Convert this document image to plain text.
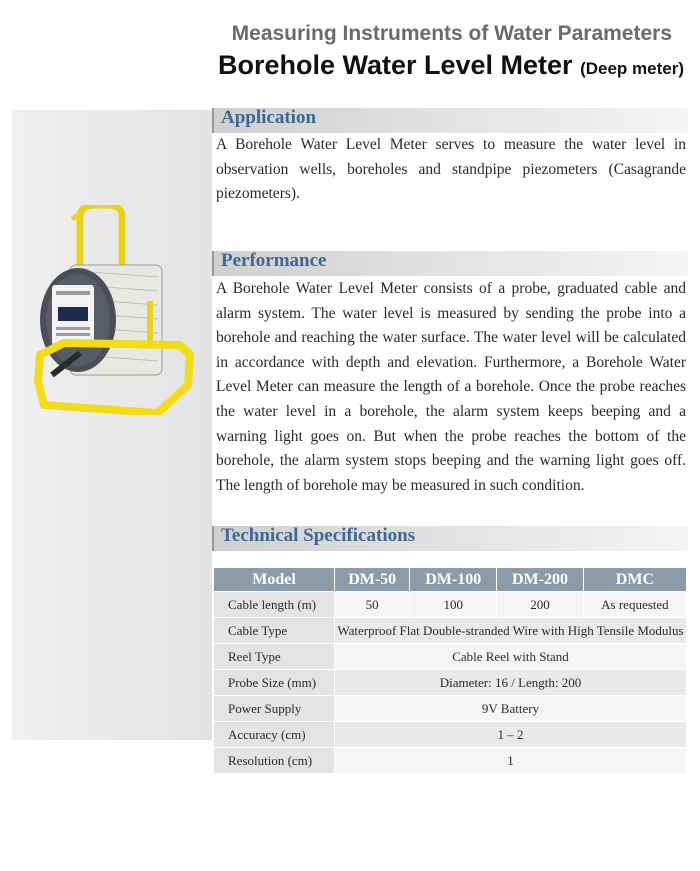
Measuring Instruments of Water Parameters
Borehole Water Level Meter (Deep meter)
Application
A Borehole Water Level Meter serves to measure the water level in observation wells, boreholes and standpipe piezometers (Casagrande piezometers).
Performance
A Borehole Water Level Meter consists of a probe, graduated cable and alarm system. The water level is measured by sending the probe into a borehole and reaching the water surface. The water level will be calculated in accordance with depth and elevation. Furthermore, a Borehole Water Level Meter can measure the length of a borehole. Once the probe reaches the water level in a borehole, the alarm system keeps beeping and a warning light goes on. But when the probe reaches the bottom of the borehole, the alarm system stops beeping and the warning light goes off. The length of borehole may be measured in such condition.
Technical Specifications
Model	DM-50	DM-100	DM-200	DMC
Cable length (m)	50	100	200	As requested
Cable Type	Waterproof Flat Double-stranded Wire with High Tensile Modulus			
Reel Type	Cable Reel with Stand			
Probe Size (mm)	Diameter: 16 / Length: 200			
Power Supply	9V Battery			
Accuracy (cm)	1 – 2			
Resolution (cm)	1			
